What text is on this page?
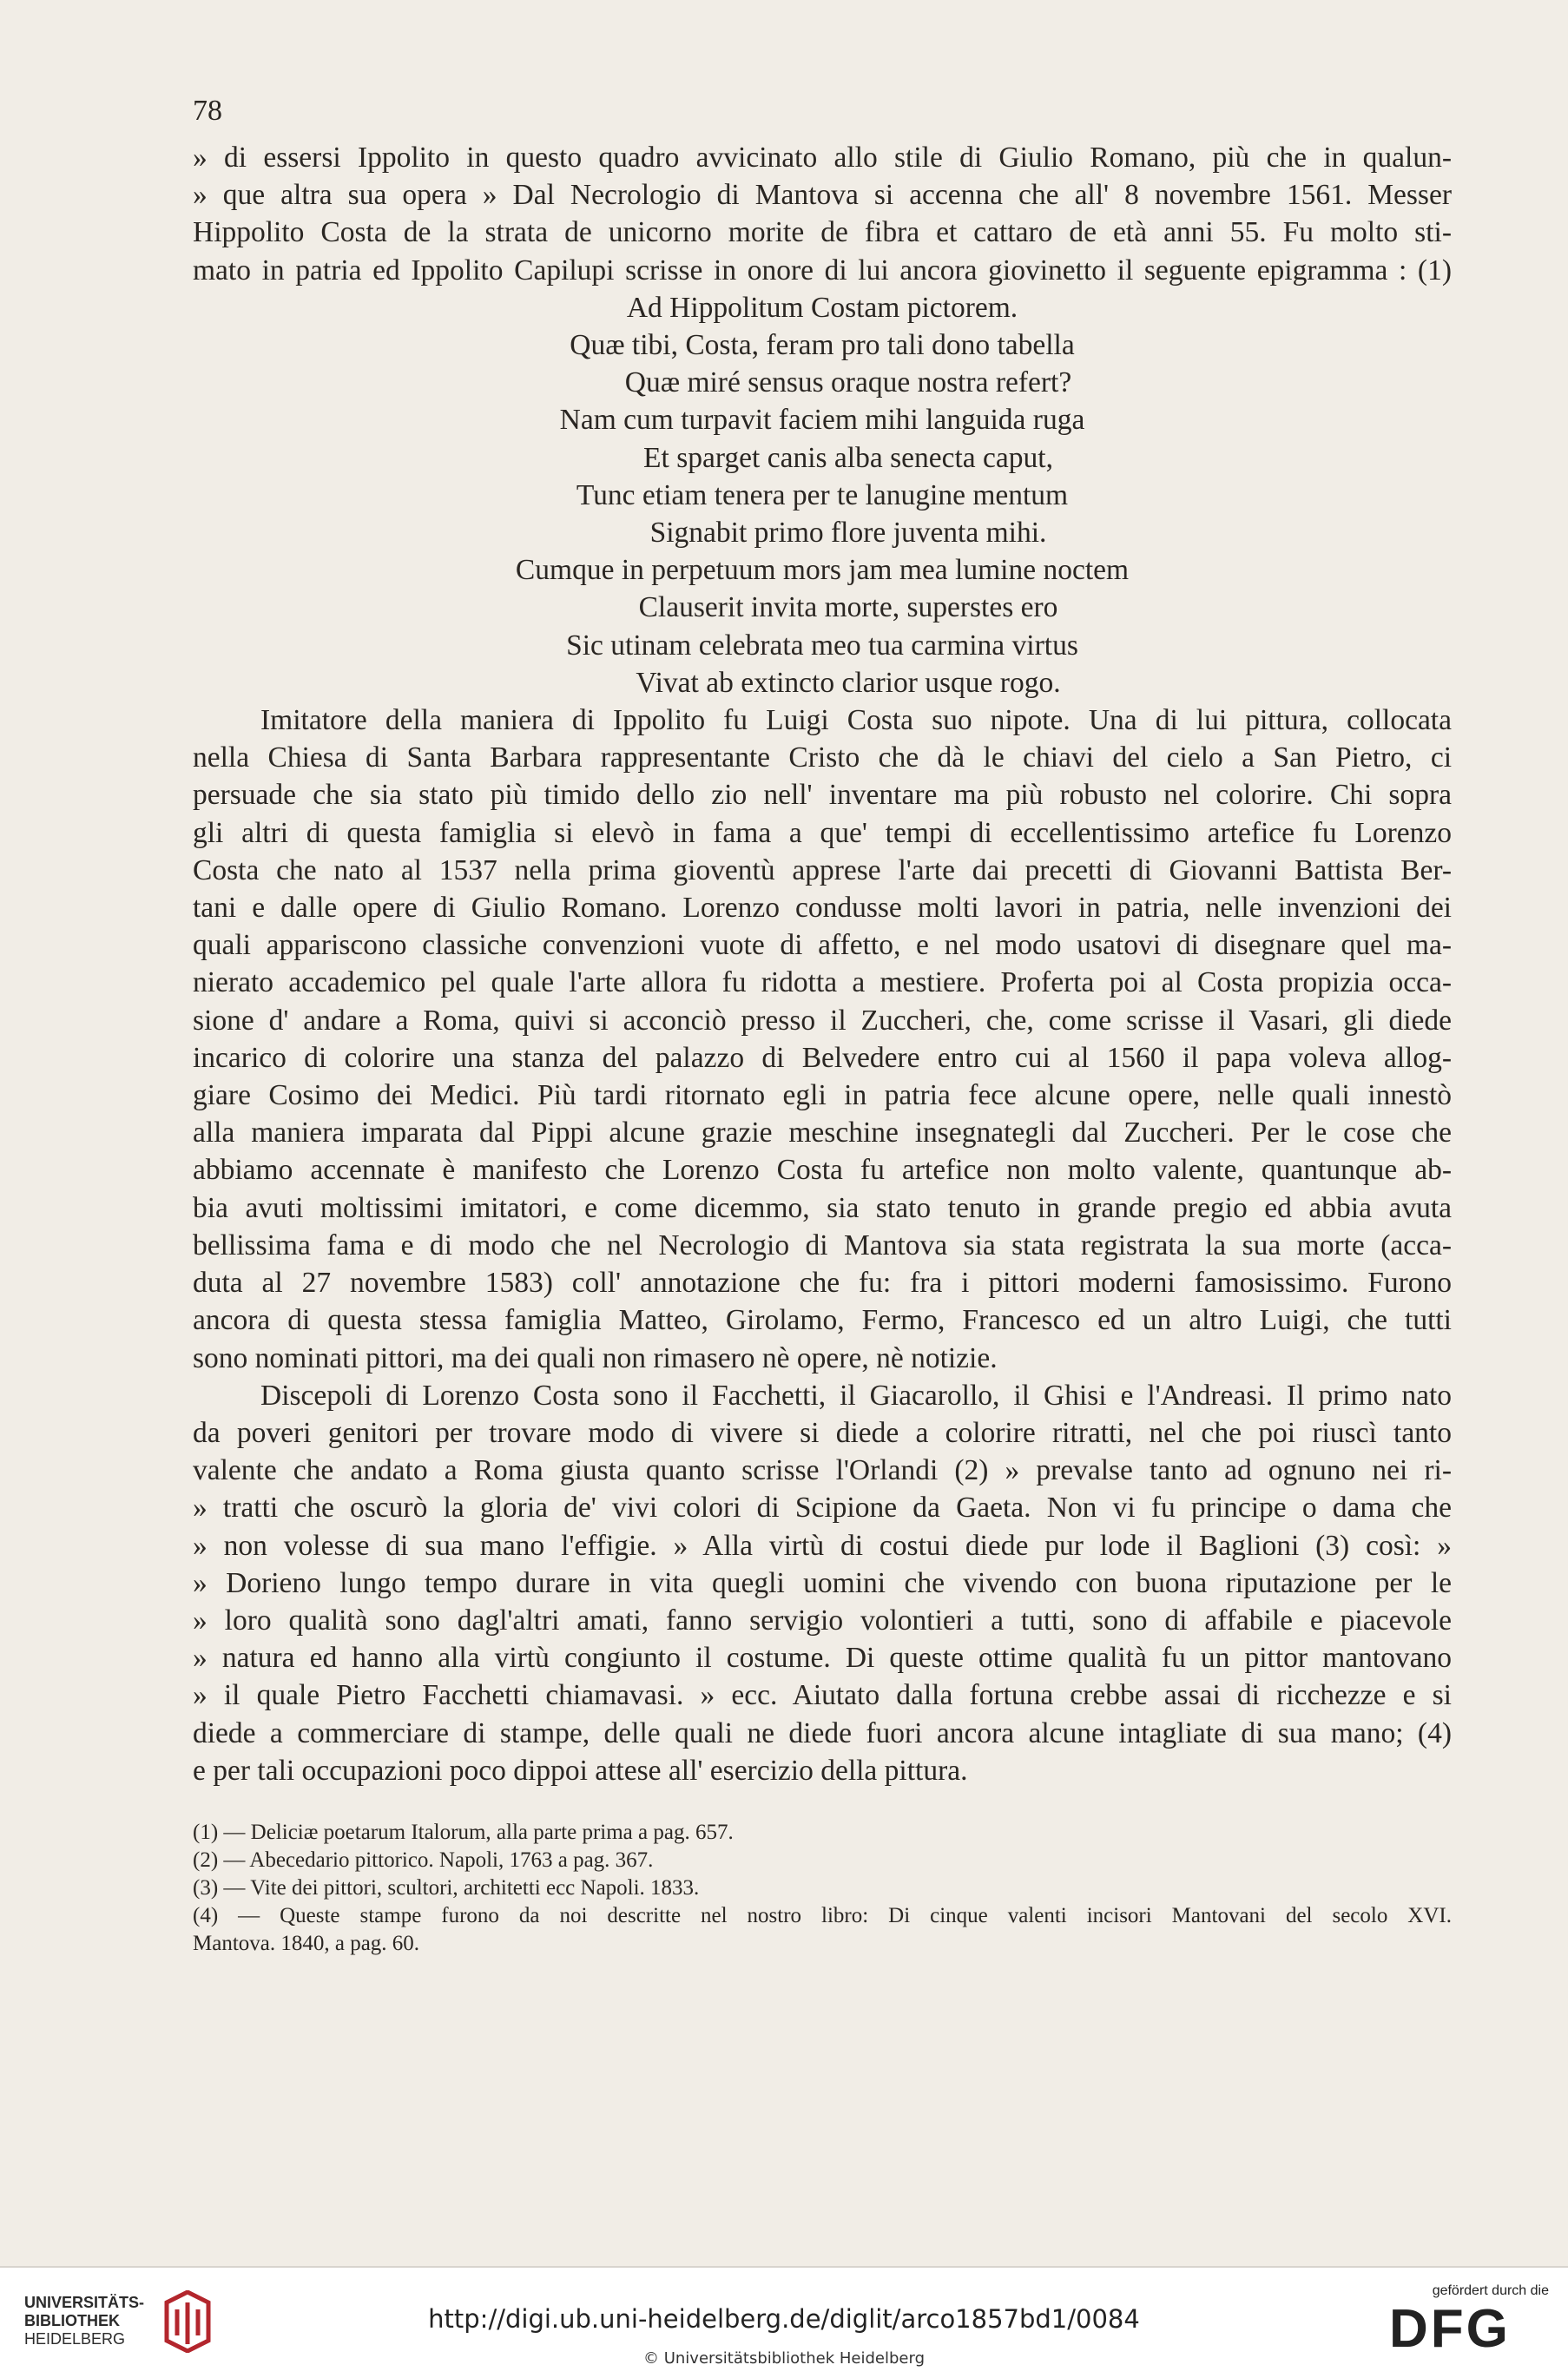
78
» di essersi Ippolito in questo quadro avvicinato allo stile di Giulio Romano, più che in qualun-
» que altra sua opera » Dal Necrologio di Mantova si accenna che all' 8 novembre 1561. Messer
Hippolito Costa de la strata de unicorno morite de fibra et cattaro de età anni 55. Fu molto sti-
mato in patria ed Ippolito Capilupi scrisse in onore di lui ancora giovinetto il seguente epigramma : (1)
Ad Hippolitum Costam pictorem.
Quæ tibi, Costa, feram pro tali dono tabella
Quæ miré sensus oraque nostra refert?
Nam cum turpavit faciem mihi languida ruga
Et sparget canis alba senecta caput,
Tunc etiam tenera per te lanugine mentum
Signabit primo flore juventa mihi.
Cumque in perpetuum mors jam mea lumine noctem
Clauserit invita morte, superstes ero
Sic utinam celebrata meo tua carmina virtus
Vivat ab extincto clarior usque rogo.
Imitatore della maniera di Ippolito fu Luigi Costa suo nipote. Una di lui pittura, collocata
nella Chiesa di Santa Barbara rappresentante Cristo che dà le chiavi del cielo a San Pietro, ci
persuade che sia stato più timido dello zio nell' inventare ma più robusto nel colorire. Chi sopra
gli altri di questa famiglia si elevò in fama a que' tempi di eccellentissimo artefice fu Lorenzo
Costa che nato al 1537 nella prima gioventù apprese l'arte dai precetti di Giovanni Battista Ber-
tani e dalle opere di Giulio Romano. Lorenzo condusse molti lavori in patria, nelle invenzioni dei
quali appariscono classiche convenzioni vuote di affetto, e nel modo usatovi di disegnare quel ma-
nierato accademico pel quale l'arte allora fu ridotta a mestiere. Proferta poi al Costa propizia occa-
sione d' andare a Roma, quivi si acconciò presso il Zuccheri, che, come scrisse il Vasari, gli diede
incarico di colorire una stanza del palazzo di Belvedere entro cui al 1560 il papa voleva allog-
giare Cosimo dei Medici. Più tardi ritornato egli in patria fece alcune opere, nelle quali innestò
alla maniera imparata dal Pippi alcune grazie meschine insegnategli dal Zuccheri. Per le cose che
abbiamo accennate è manifesto che Lorenzo Costa fu artefice non molto valente, quantunque ab-
bia avuti moltissimi imitatori, e come dicemmo, sia stato tenuto in grande pregio ed abbia avuta
bellissima fama e di modo che nel Necrologio di Mantova sia stata registrata la sua morte (acca-
duta al 27 novembre 1583) coll' annotazione che fu: fra i pittori moderni famosissimo. Furono
ancora di questa stessa famiglia Matteo, Girolamo, Fermo, Francesco ed un altro Luigi, che tutti
sono nominati pittori, ma dei quali non rimasero nè opere, nè notizie.
Discepoli di Lorenzo Costa sono il Facchetti, il Giacarollo, il Ghisi e l'Andreasi. Il primo nato
da poveri genitori per trovare modo di vivere si diede a colorire ritratti, nel che poi riuscì tanto
valente che andato a Roma giusta quanto scrisse l'Orlandi (2) » prevalse tanto ad ognuno nei ri-
» tratti che oscurò la gloria de' vivi colori di Scipione da Gaeta. Non vi fu principe o dama che
» non volesse di sua mano l'effigie. » Alla virtù di costui diede pur lode il Baglioni (3) così: »
» Dorieno lungo tempo durare in vita quegli uomini che vivendo con buona riputazione per le
» loro qualità sono dagl'altri amati, fanno servigio volontieri a tutti, sono di affabile e piacevole
» natura ed hanno alla virtù congiunto il costume. Di queste ottime qualità fu un pittor mantovano
» il quale Pietro Facchetti chiamavasi. » ecc. Aiutato dalla fortuna crebbe assai di ricchezze e si
diede a commerciare di stampe, delle quali ne diede fuori ancora alcune intagliate di sua mano; (4)
e per tali occupazioni poco dippoi attese all' esercizio della pittura.
(1) — Deliciæ poetarum Italorum, alla parte prima a pag. 657.
(2) — Abecedario pittorico. Napoli, 1763 a pag. 367.
(3) — Vite dei pittori, scultori, architetti ecc Napoli. 1833.
(4) — Queste stampe furono da noi descritte nel nostro libro: Di cinque valenti incisori Mantovani del secolo XVI.
Mantova. 1840, a pag. 60.
UNIVERSITÄTS-
BIBLIOTHEK
HEIDELBERG
http://digi.ub.uni-heidelberg.de/diglit/arco1857bd1/0084
© Universitätsbibliothek Heidelberg
gefördert durch die
DFG
